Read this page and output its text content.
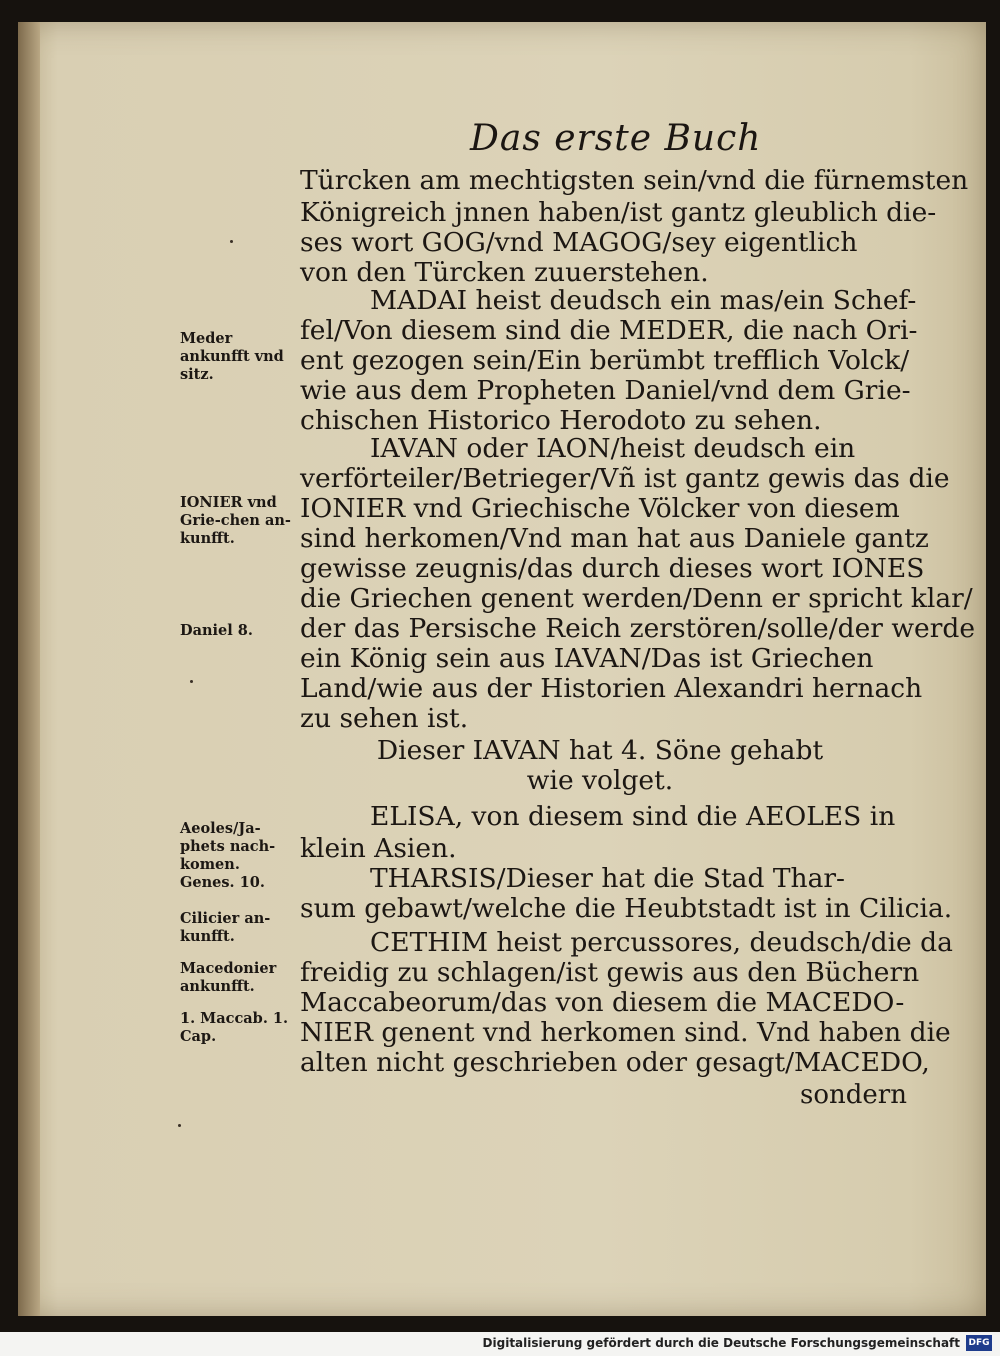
Das erste Buch
Türcken am mechtigsten sein/vnd die fürnemsten
Königreich jnnen haben/ist gantz gleublich die-
ses wort GOG/vnd MAGOG/sey eigentlich
von den Türcken zuuerstehen.
MADAI heist deudsch ein mas/ein Schef-
fel/Von diesem sind die MEDER, die nach Ori-
ent gezogen sein/Ein berümbt trefflich Volck/
wie aus dem Propheten Daniel/vnd dem Grie-
chischen Historico Herodoto zu sehen.
IAVAN oder IAON/heist deudsch ein
verförteiler/Betrieger/Vñ ist gantz gewis das die
IONIER vnd Griechische Völcker von diesem
sind herkomen/Vnd man hat aus Daniele gantz
gewisse zeugnis/das durch dieses wort IONES
die Griechen genent werden/Denn er spricht klar/
der das Persische Reich zerstören/solle/der werde
ein König sein aus IAVAN/Das ist Griechen
Land/wie aus der Historien Alexandri hernach
zu sehen ist.
Dieser IAVAN hat 4. Söne gehabt
wie volget.
ELISA, von diesem sind die AEOLES in
klein Asien.
THARSIS/Dieser hat die Stad Thar-
sum gebawt/welche die Heubtstadt ist in Cilicia.
CETHIM heist percussores, deudsch/die da
freidig zu schlagen/ist gewis aus den Büchern
Maccabeorum/das von diesem die MACEDO-
NIER genent vnd herkomen sind. Vnd haben die
alten nicht geschrieben oder gesagt/MACEDO,
sondern
Meder ankunfft vnd sitz.
IONIER vnd Grie-chen an-kunfft.
Daniel 8.
Aeoles/Ja-phets nach-komen. Genes. 10.
Cilicier an-kunfft.
Macedonier ankunfft.
1. Maccab. 1. Cap.
Digitalisierung gefördert durch die Deutsche Forschungsgemeinschaft DFG
